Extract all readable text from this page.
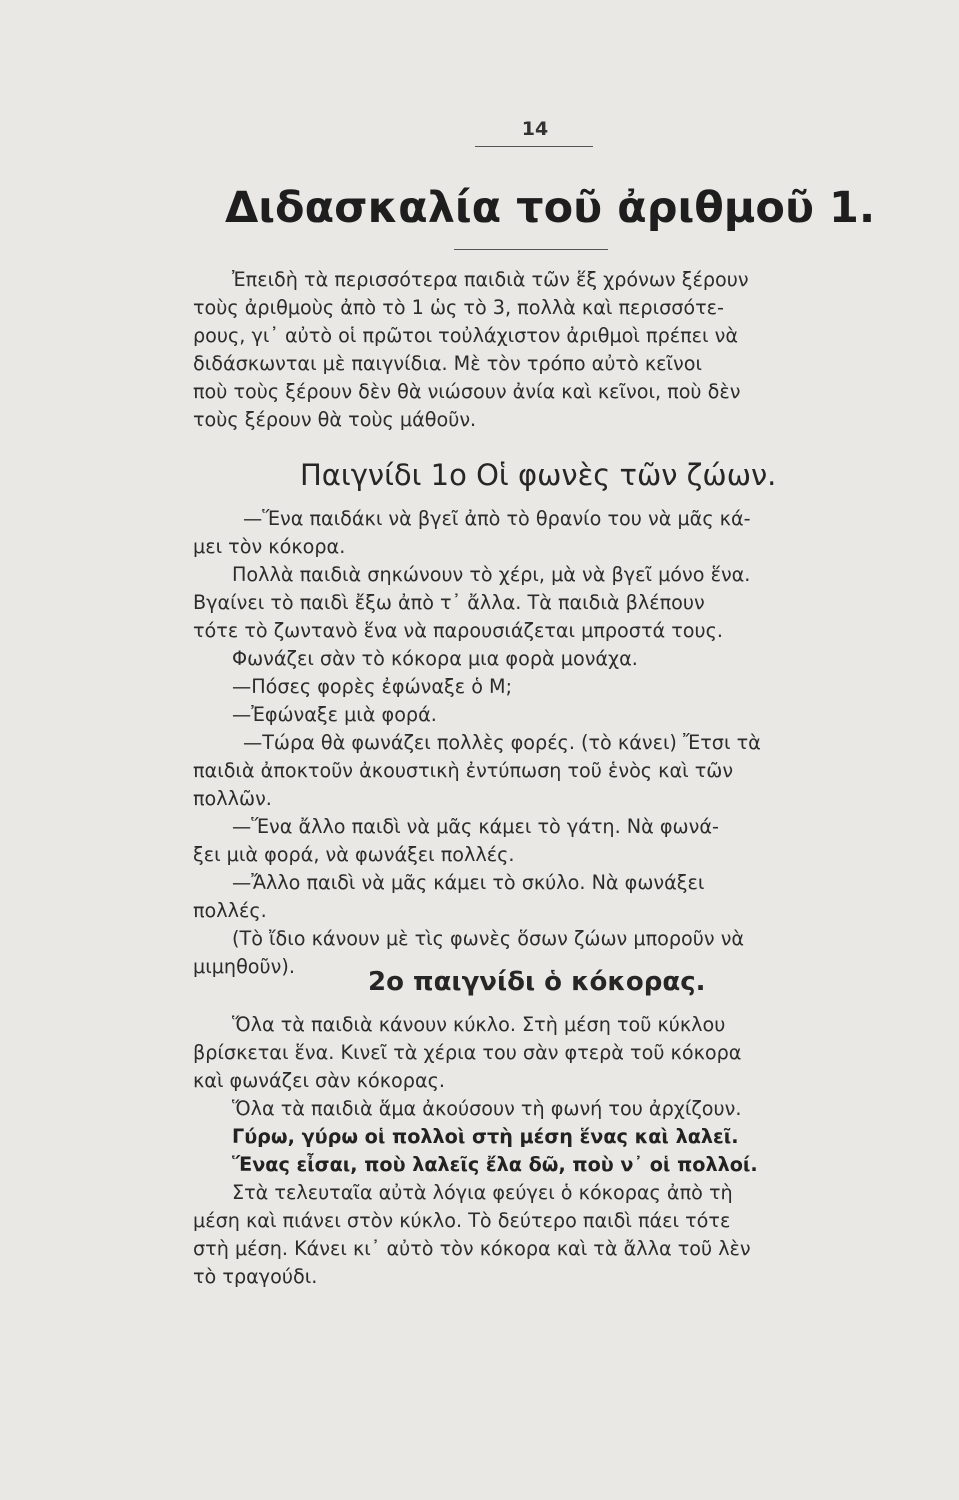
14
Διδασκαλία τοῦ ἀριθμοῦ 1.
Ἐπειδὴ τὰ περισσότερα παιδιὰ τῶν ἕξ χρόνων ξέρουν
τοὺς ἀριθμοὺς ἀπὸ τὸ 1 ὡς τὸ 3, πολλὰ καὶ περισσότε-
ρους, γι᾽ αὐτὸ οἱ πρῶτοι τοὐλάχιστον ἀριθμοὶ πρέπει νὰ
διδάσκωνται μὲ παιγνίδια. Μὲ τὸν τρόπο αὐτὸ κεῖνοι
ποὺ τοὺς ξέρουν δὲν θὰ νιώσουν ἀνία καὶ κεῖνοι, ποὺ δὲν
τοὺς ξέρουν θὰ τοὺς μάθοῦν.
Παιγνίδι 1ο Οἱ φωνὲς τῶν ζώων.
—Ἕνα παιδάκι νὰ βγεῖ ἀπὸ τὸ θρανίο του νὰ μᾶς κά-
μει τὸν κόκορα.
Πολλὰ παιδιὰ σηκώνουν τὸ χέρι, μὰ νὰ βγεῖ μόνο ἕνα.
Βγαίνει τὸ παιδὶ ἔξω ἀπὸ τ᾽ ἄλλα. Τὰ παιδιὰ βλέπουν
τότε τὸ ζωντανὸ ἕνα νὰ παρουσιάζεται μπροστά τους.
Φωνάζει σὰν τὸ κόκορα μια φορὰ μονάχα.
—Πόσες φορὲς ἐφώναξε ὁ Μ;
—Ἐφώναξε μιὰ φορά.
—Τώρα θὰ φωνάζει πολλὲς φορές. (τὸ κάνει) Ἔτσι τὰ
παιδιὰ ἀποκτοῦν ἀκουστικὴ ἐντύπωση τοῦ ἑνὸς καὶ τῶν
πολλῶν.
—Ἕνα ἄλλο παιδὶ νὰ μᾶς κάμει τὸ γάτη. Νὰ φωνά-
ξει μιὰ φορά, νὰ φωνάξει πολλές.
—Ἄλλο παιδὶ νὰ μᾶς κάμει τὸ σκύλο. Νὰ φωνάξει
πολλές.
(Τὸ ἴδιο κάνουν μὲ τὶς φωνὲς ὅσων ζώων μποροῦν νὰ
μιμηθοῦν).
2ο παιγνίδι ὁ κόκορας.
Ὅλα τὰ παιδιὰ κάνουν κύκλο. Στὴ μέση τοῦ κύκλου
βρίσκεται ἕνα. Κινεῖ τὰ χέρια του σὰν φτερὰ τοῦ κόκορα
καὶ φωνάζει σὰν κόκορας.
Ὅλα τὰ παιδιὰ ἅμα ἀκούσουν τὴ φωνή του ἀρχίζουν.
Γύρω, γύρω οἱ πολλοὶ στὴ μέση ἕνας καὶ λαλεῖ.
Ἕνας εἶσαι, ποὺ λαλεῖς ἔλα δῶ, ποὺ ν᾽ οἱ πολλοί.
Στὰ τελευταῖα αὐτὰ λόγια φεύγει ὁ κόκορας ἀπὸ τὴ
μέση καὶ πιάνει στὸν κύκλο. Τὸ δεύτερο παιδὶ πάει τότε
στὴ μέση. Κάνει κι᾽ αὐτὸ τὸν κόκορα καὶ τὰ ἄλλα τοῦ λὲν
τὸ τραγούδι.
